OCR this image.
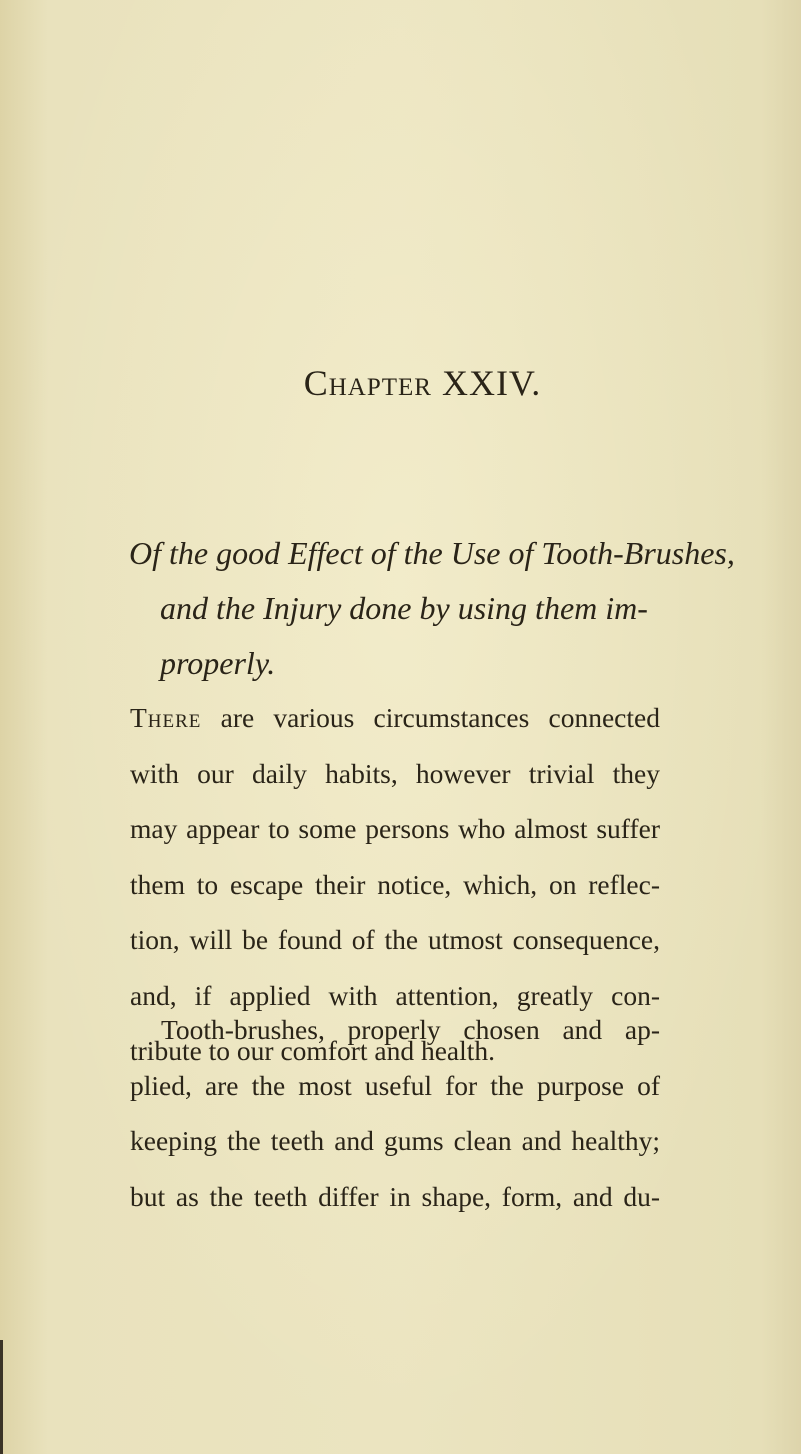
Chapter XXIV.
Of the good Effect of the Use of Tooth-Brushes,
and the Injury done by using them im-
properly.
There are various circumstances connected
with our daily habits, however trivial they
may appear to some persons who almost suffer
them to escape their notice, which, on reflec-
tion, will be found of the utmost consequence,
and, if applied with attention, greatly con-
tribute to our comfort and health.
Tooth-brushes, properly chosen and ap-
plied, are the most useful for the purpose of
keeping the teeth and gums clean and healthy;
but as the teeth differ in shape, form, and du-
